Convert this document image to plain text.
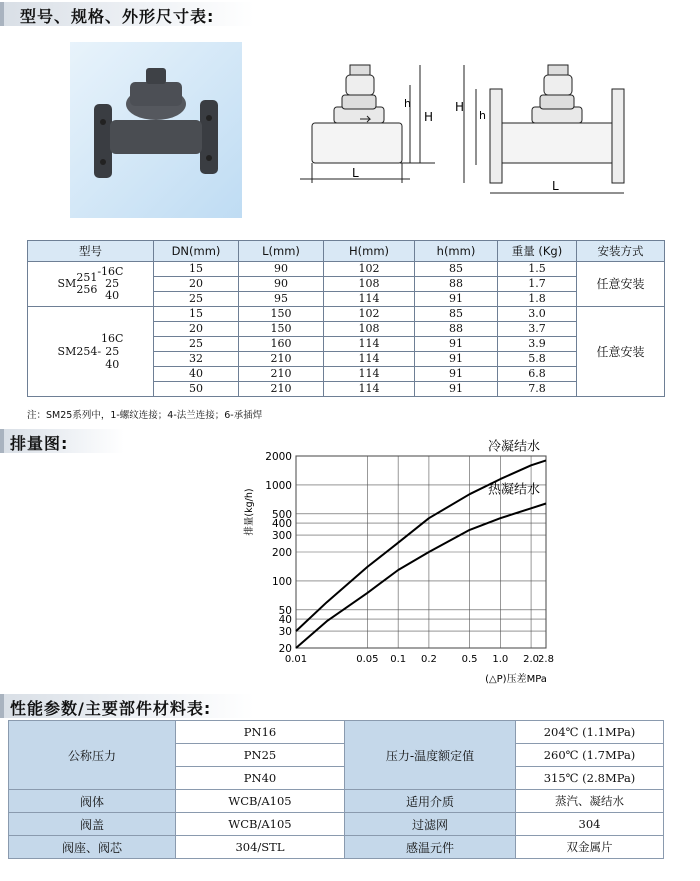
型号、规格、外形尺寸表:
h
H
L
H
h
L
型号	DN(mm)	L(mm)	H(mm)	h(mm)	重量 (Kg)	安装方式
SM251
256-16C
25
40	15	90	102	85	1.5	任意安装
	20	90	108	88	1.7	
	25	95	114	91	1.8	
SM254-16C
25
40	15	150	102	85	3.0	任意安装
	20	150	108	88	3.7	
	25	160	114	91	3.9	
	32	210	114	91	5.8	
	40	210	114	91	6.8	
	50	210	114	91	7.8	
注：SM25系列中，1-螺纹连接；4-法兰连接；6-承插焊
排量图:
0.01	0.05 0.1 0.2 0.5 1.0 2.0 2.8
2000
1000
500
400
300
200
100
50
40
30
20
(△P)压差MPa
排量(kg/h)
冷凝结水
热凝结水
性能参数/主要部件材料表:
公称压力	PN16	压力-温度额定值	204℃ (1.1MPa)
	PN25		260℃ (1.7MPa)
	PN40		315℃ (2.8MPa)
阀体	WCB/A105	适用介质	蒸汽、凝结水
阀盖	WCB/A105	过滤网	304
阀座、阀芯	304/STL	感温元件	双金属片
